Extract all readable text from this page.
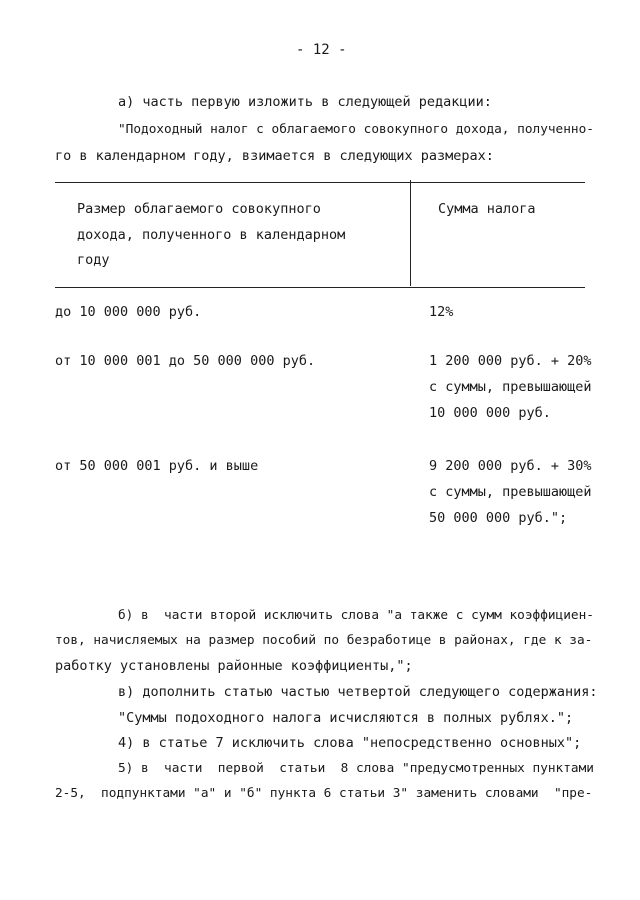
- 12 -
а) часть первую изложить в следующей редакции:
"Подоходный налог с облагаемого совокупного дохода, полученно-
го в календарном году, взимается в следующих размерах:
Размер облагаемого совокупного
дохода, полученного в календарном
году
Сумма налога
до 10 000 000 руб.	12%
от 10 000 001 до 50 000 000 руб.	1 200 000 руб. + 20%
с суммы, превышающей
10 000 000 руб.
от 50 000 001 руб. и выше	9 200 000 руб. + 30%
с суммы, превышающей
50 000 000 руб.";
б) в  части второй исключить слова "а также с сумм коэффициен-
тов, начисляемых на размер пособий по безработице в районах, где к за-
работку установлены районные коэффициенты,";
в) дополнить статью частью четвертой следующего содержания:
"Суммы подоходного налога исчисляются в полных рублях.";
4) в статье 7 исключить слова "непосредственно основных";
5) в  части  первой  статьи  8 слова "предусмотренных пунктами
2-5,  подпунктами "а" и "б" пункта 6 статьи 3" заменить словами  "пре-
